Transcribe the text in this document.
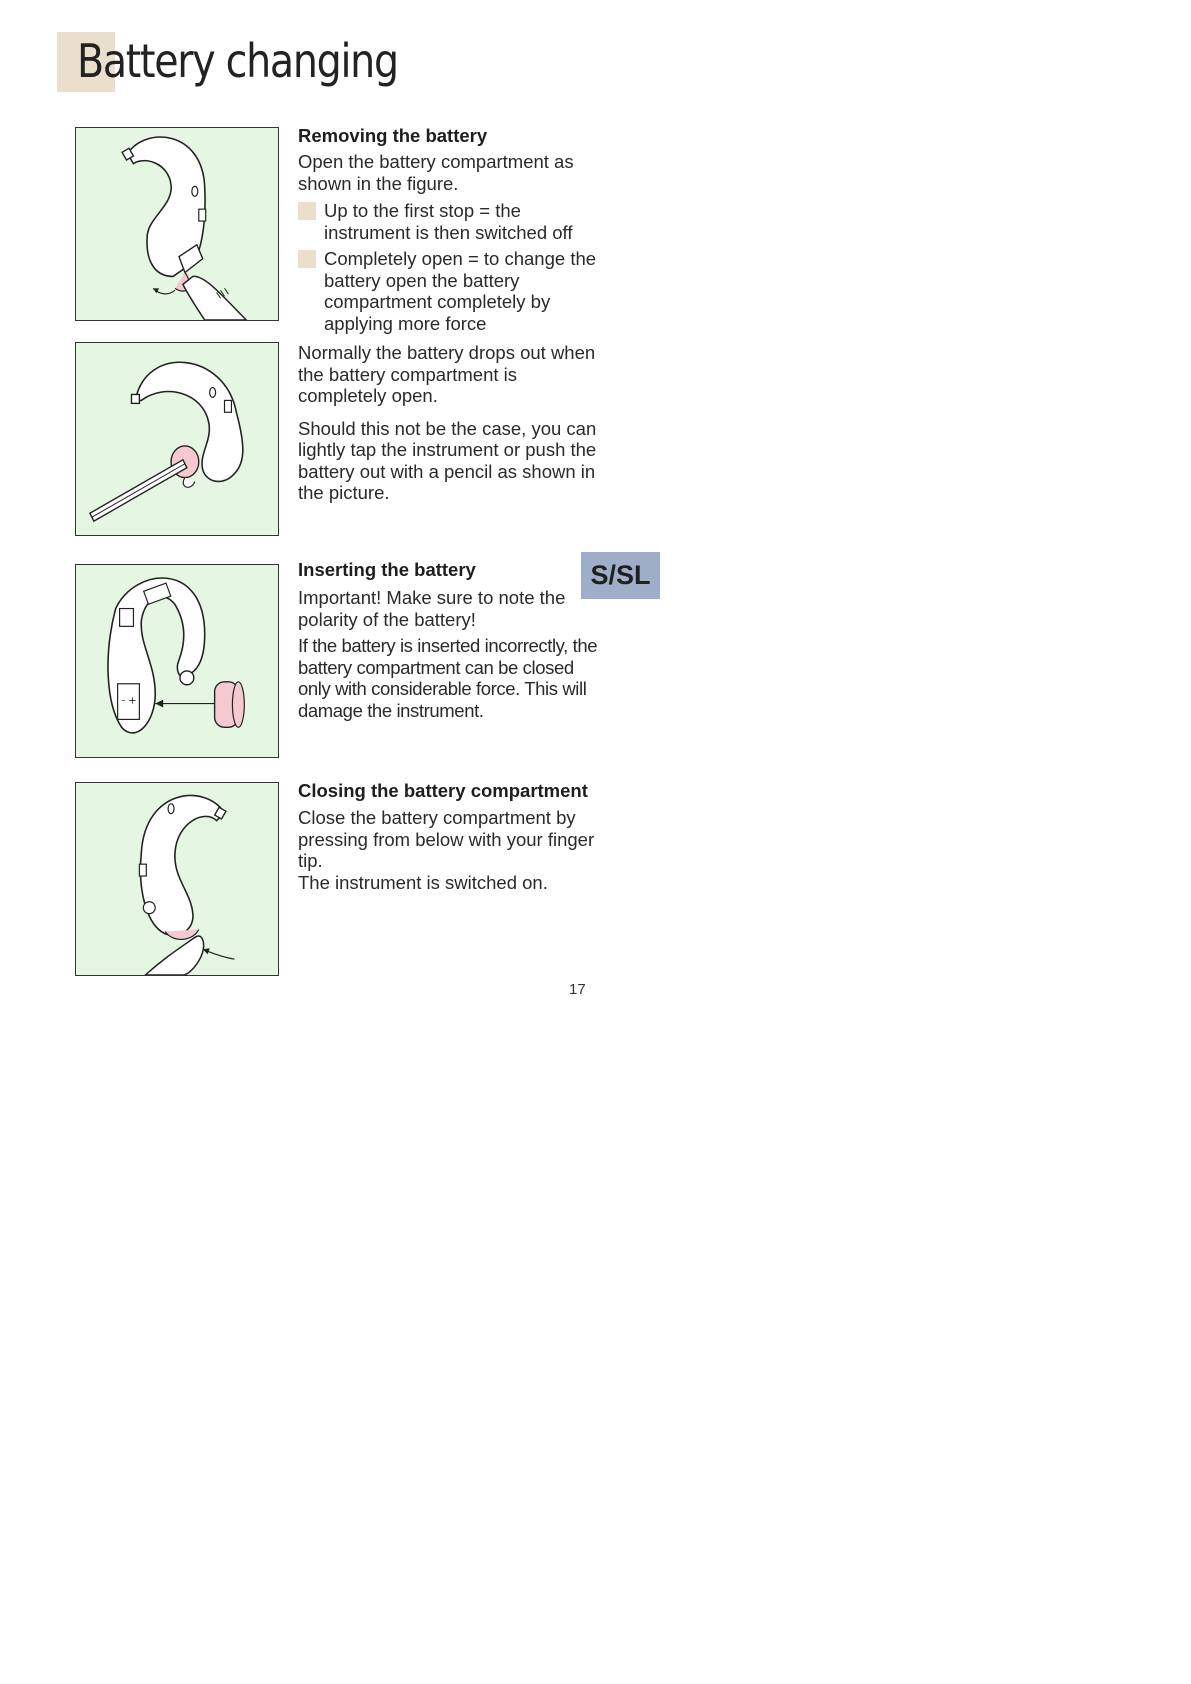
Battery changing
Removing the battery

Open the battery compartment as shown in the figure.

Up to the first stop = the instrument is then switched off
Completely open = to change the battery open the battery compartment completely by applying more force

Normally the battery drops out when the battery compartment is completely open.

Should this not be the case, you can lightly tap the instrument or push the battery out with a pencil as shown in the picture.

- +
S/SL
Inserting the battery

Important! Make sure to note the polarity of the battery!

If the battery is inserted incorrectly, the battery compartment can be closed only with considerable force. This will damage the instrument.

Closing the battery compartment

Close the battery compartment by pressing from below with your finger tip.

The instrument is switched on.

17
